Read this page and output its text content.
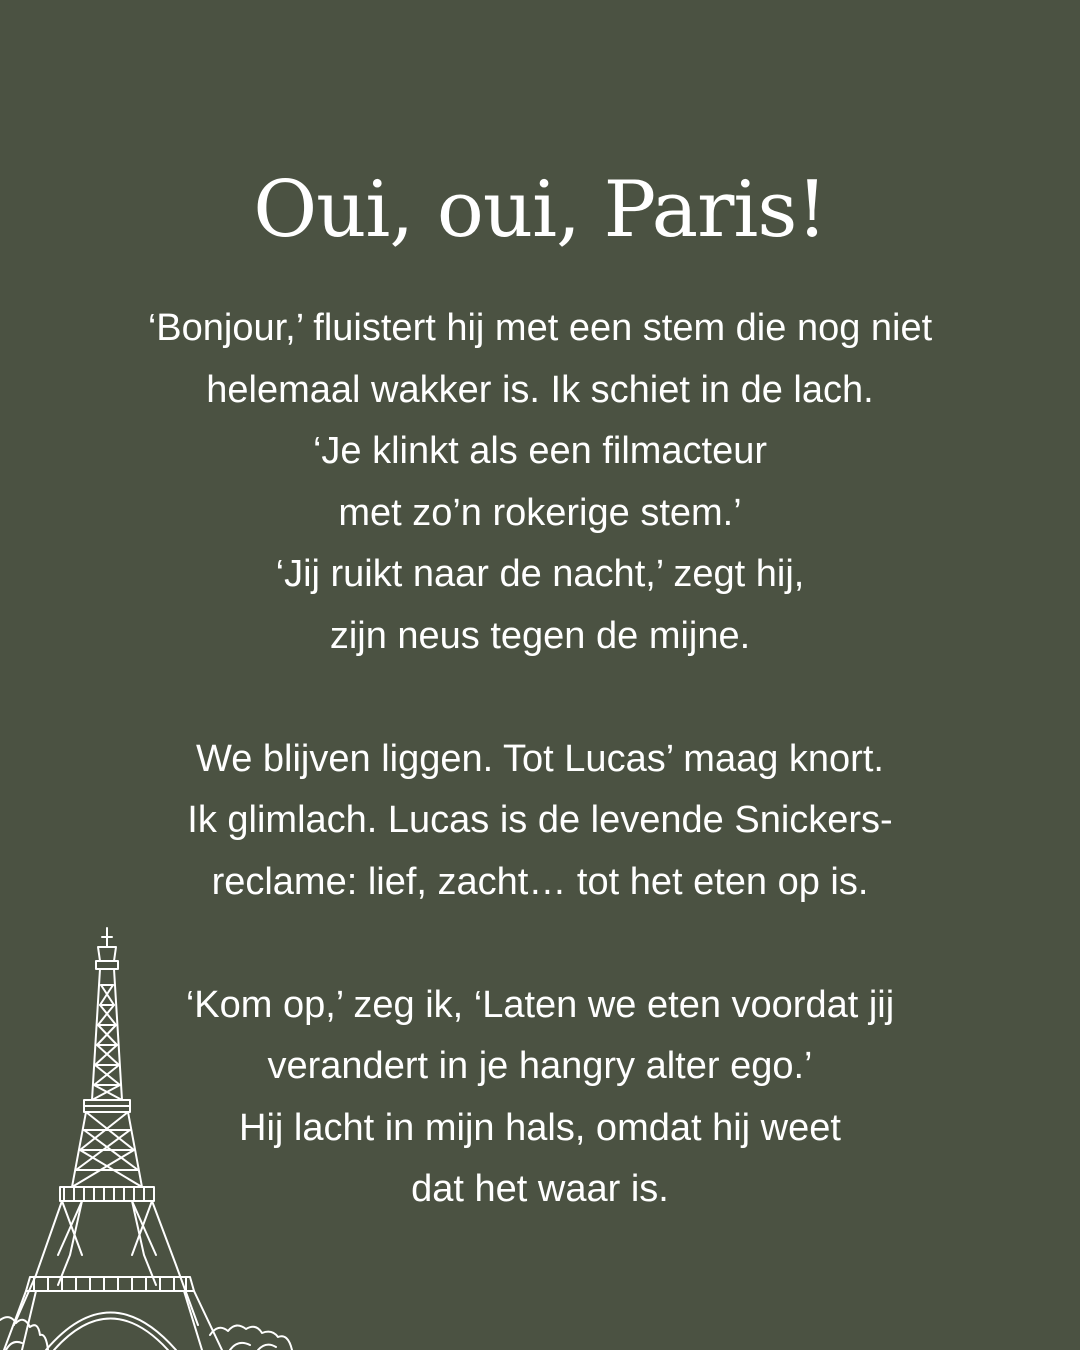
Oui, oui, Paris!
‘Bonjour,’ fluistert hij met een stem die nog niet
helemaal wakker is. Ik schiet in de lach.
‘Je klinkt als een filmacteur
met zo’n rokerige stem.’
‘Jij ruikt naar de nacht,’ zegt hij,
zijn neus tegen de mijne.
We blijven liggen. Tot Lucas’ maag knort.
Ik glimlach. Lucas is de levende Snickers-
reclame: lief, zacht… tot het eten op is.
‘Kom op,’ zeg ik, ‘Laten we eten voordat jij
verandert in je hangry alter ego.’
Hij lacht in mijn hals, omdat hij weet
dat het waar is.
